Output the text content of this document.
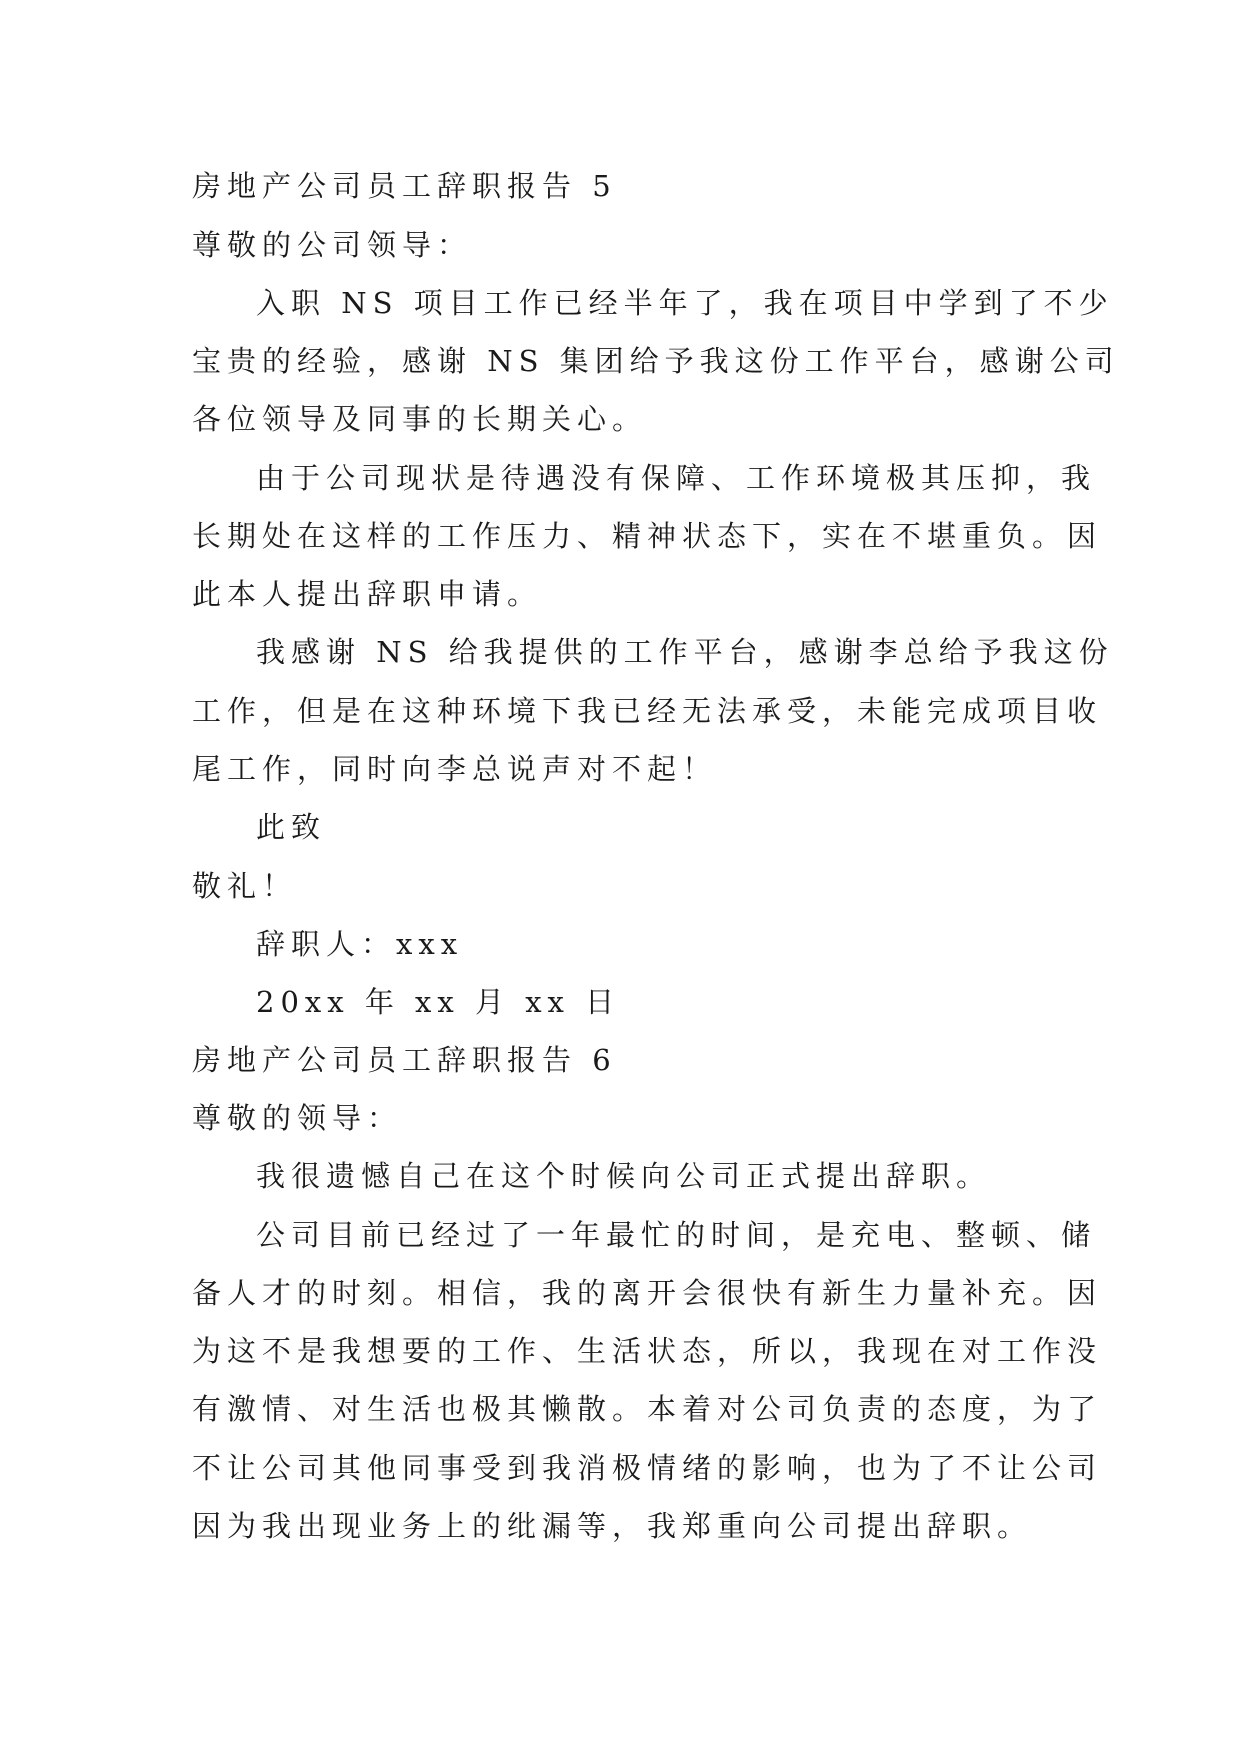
房地产公司员工辞职报告 5
尊敬的公司领导：
入职 NS 项目工作已经半年了，我在项目中学到了不少
宝贵的经验，感谢 NS 集团给予我这份工作平台，感谢公司
各位领导及同事的长期关心。
由于公司现状是待遇没有保障、工作环境极其压抑，我
长期处在这样的工作压力、精神状态下，实在不堪重负。因
此本人提出辞职申请。
我感谢 NS 给我提供的工作平台，感谢李总给予我这份
工作，但是在这种环境下我已经无法承受，未能完成项目收
尾工作，同时向李总说声对不起！
此致
敬礼！
辞职人：xxx
20xx 年 xx 月 xx 日
房地产公司员工辞职报告 6
尊敬的领导：
我很遗憾自己在这个时候向公司正式提出辞职。
公司目前已经过了一年最忙的时间，是充电、整顿、储
备人才的时刻。相信，我的离开会很快有新生力量补充。因
为这不是我想要的工作、生活状态，所以，我现在对工作没
有激情、对生活也极其懒散。本着对公司负责的态度，为了
不让公司其他同事受到我消极情绪的影响，也为了不让公司
因为我出现业务上的纰漏等，我郑重向公司提出辞职。
